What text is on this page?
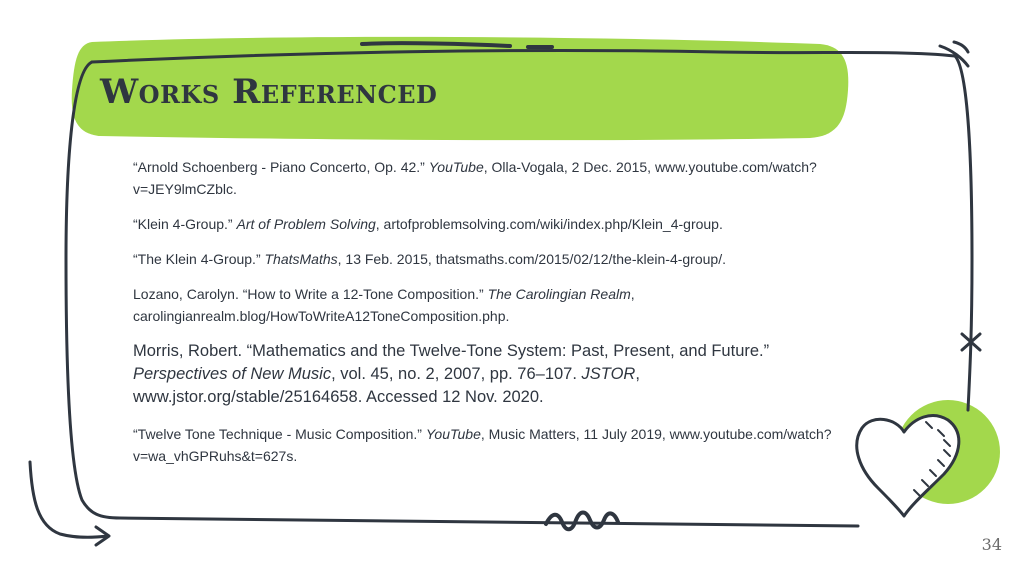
Works Referenced

“Arnold Schoenberg - Piano Concerto, Op. 42.” YouTube, Olla-Vogala, 2 Dec. 2015, www.youtube.com/watch?v=JEY9lmCZblc.

“Klein 4-Group.” Art of Problem Solving, artofproblemsolving.com/wiki/index.php/Klein_4-group.

“The Klein 4-Group.” ThatsMaths, 13 Feb. 2015, thatsmaths.com/2015/02/12/the-klein-4-group/.

Lozano, Carolyn. “How to Write a 12-Tone Composition.” The Carolingian Realm, carolingianrealm.blog/HowToWriteA12ToneComposition.php.

Morris, Robert. “Mathematics and the Twelve-Tone System: Past, Present, and Future.” Perspectives of New Music, vol. 45, no. 2, 2007, pp. 76–107. JSTOR, www.jstor.org/stable/25164658. Accessed 12 Nov. 2020.

“Twelve Tone Technique - Music Composition.” YouTube, Music Matters, 11 July 2019, www.youtube.com/watch?v=wa_vhGPRuhs&t=627s.

34
